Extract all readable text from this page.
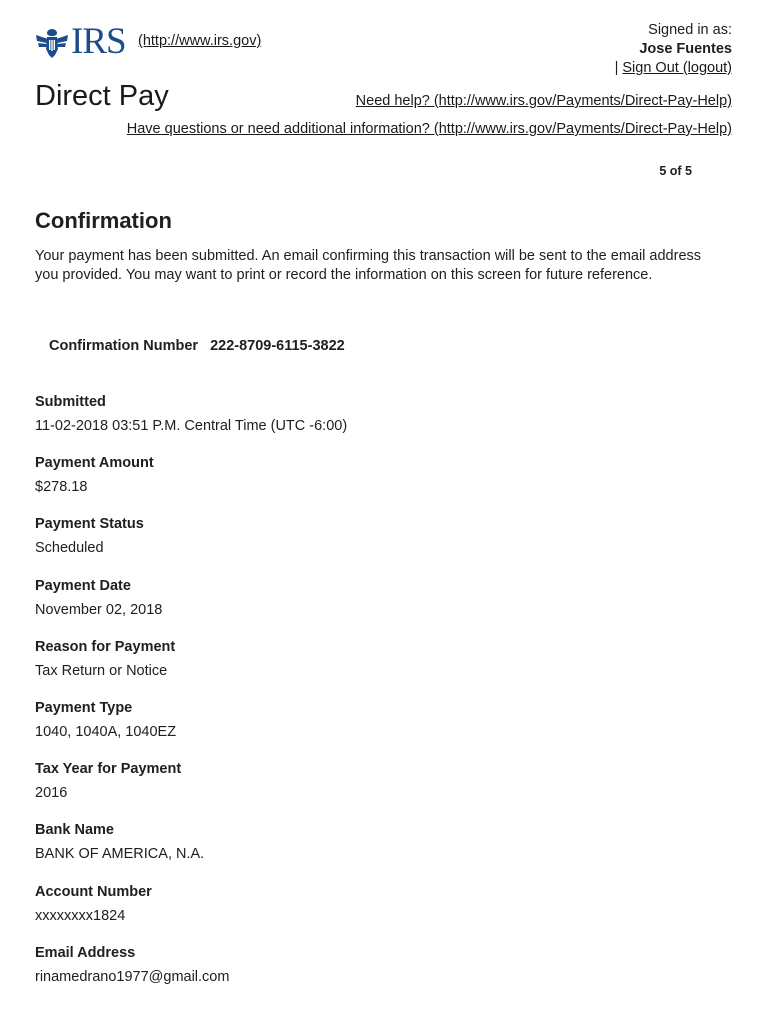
IRS (http://www.irs.gov)
Signed in as:
Jose Fuentes
| Sign Out (logout)
Direct Pay	Need help? (http://www.irs.gov/Payments/Direct-Pay-Help)
Have questions or need additional information? (http://www.irs.gov/Payments/Direct-Pay-Help)
5 of 5
Confirmation
Your payment has been submitted. An email confirming this transaction will be sent to the email address you provided. You may want to print or record the information on this screen for future reference.
Confirmation Number 222-8709-6115-3822
Submitted
11-02-2018 03:51 P.M. Central Time (UTC -6:00)
Payment Amount
$278.18
Payment Status
Scheduled
Payment Date
November 02, 2018
Reason for Payment
Tax Return or Notice
Payment Type
1040, 1040A, 1040EZ
Tax Year for Payment
2016
Bank Name
BANK OF AMERICA, N.A.
Account Number
xxxxxxxx1824
Email Address
rinamedrano1977@gmail.com
